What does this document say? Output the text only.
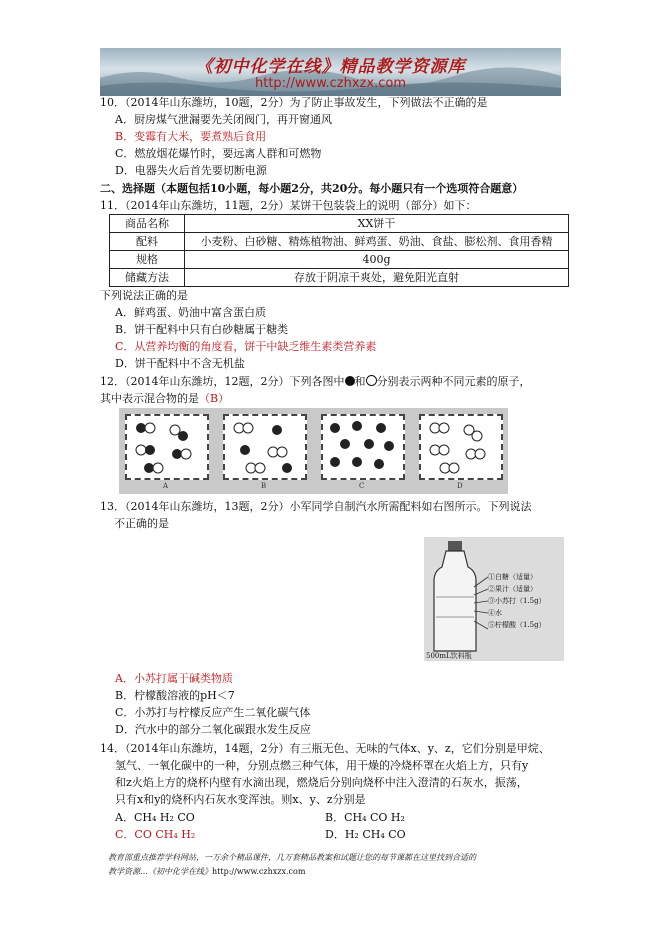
《初中化学在线》精品教学资源库
http://www.czhxzx.com
10．（2014年山东潍坊，10题，2分）为了防止事故发生，下列做法不正确的是
A．厨房煤气泄漏要先关闭阀门，再开窗通风
B．变霉有大米，要煮熟后食用
C．燃放烟花爆竹时，要远离人群和可燃物
D．电器失火后首先要切断电源
二、选择题（本题包括10小题，每小题2分，共20分。每小题只有一个选项符合题意）
11．（2014年山东潍坊，11题，2分）某饼干包装袋上的说明（部分）如下：
商品名称	XX饼干
配料	小麦粉、白砂糖、精炼植物油、鲜鸡蛋、奶油、食盐、膨松剂、食用香精
规格	400g
储藏方法	存放于阴凉干爽处，避免阳光直射
下列说法正确的是
A．鲜鸡蛋、奶油中富含蛋白质
B．饼干配料中只有白砂糖属于糖类
C．从营养均衡的角度看，饼干中缺乏维生素类营养素
D．饼干配料中不含无机盐
12．（2014年山东潍坊，12题，2分）下列各图中 和 分别表示两种不同元素的原子，
其中表示混合物的是（B）
A	B	C	D
13．（2014年山东潍坊，13题，2分）小军同学自制汽水所需配料如右图所示。下列说法
不正确的是
①白糖（适量）
②果汁（适量）
③小苏打（1.5g）
④水
⑤柠檬酸（1.5g）
500mL饮料瓶
A．小苏打属于碱类物质
B．柠檬酸溶液的pH＜7
C．小苏打与柠檬反应产生二氧化碳气体
D．汽水中的部分二氧化碳跟水发生反应
14．（2014年山东潍坊，14题，2分）有三瓶无色、无味的气体x、y、z，它们分别是甲烷、
氢气、一氧化碳中的一种，分别点燃三种气体，用干燥的冷烧杯罩在火焰上方，只有y
和z火焰上方的烧杯内壁有水滴出现，燃烧后分别向烧杯中注入澄清的石灰水，振荡，
只有x和y的烧杯内石灰水变浑浊。则x、y、z分别是
A．CH₄ H₂ CO	B．CH₄ CO H₂
C．CO CH₄ H₂	D．H₂ CH₄ CO
教育部重点推荐学科网站，一万余个精品课件，几万套精品教案和试题让您的每节课都在这里找到合适的
教学资源…《初中化学在线》http://www.czhxzx.com
